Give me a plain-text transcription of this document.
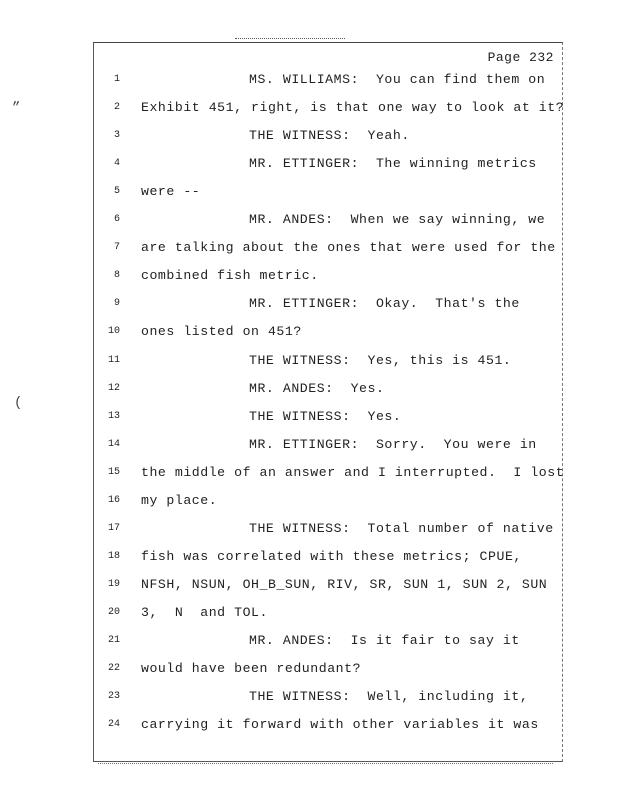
„
(
Page 232
1	MS. WILLIAMS:  You can find them on
2 Exhibit 451, right, is that one way to look at it?
3	THE WITNESS:  Yeah.
4	MR. ETTINGER:  The winning metrics
5 were --
6	MR. ANDES:  When we say winning, we
7 are talking about the ones that were used for the
8 combined fish metric.
9	MR. ETTINGER:  Okay.  That's the
10 ones listed on 451?
11	THE WITNESS:  Yes, this is 451.
12	MR. ANDES:  Yes.
13	THE WITNESS:  Yes.
14	MR. ETTINGER:  Sorry.  You were in
15 the middle of an answer and I interrupted.  I lost
16 my place.
17	THE WITNESS:  Total number of native
18 fish was correlated with these metrics; CPUE,
19 NFSH, NSUN, OH_B_SUN, RIV, SR, SUN 1, SUN 2, SUN
20 3,  N  and TOL.
21	MR. ANDES:  Is it fair to say it
22 would have been redundant?
23	THE WITNESS:  Well, including it,
24 carrying it forward with other variables it was
